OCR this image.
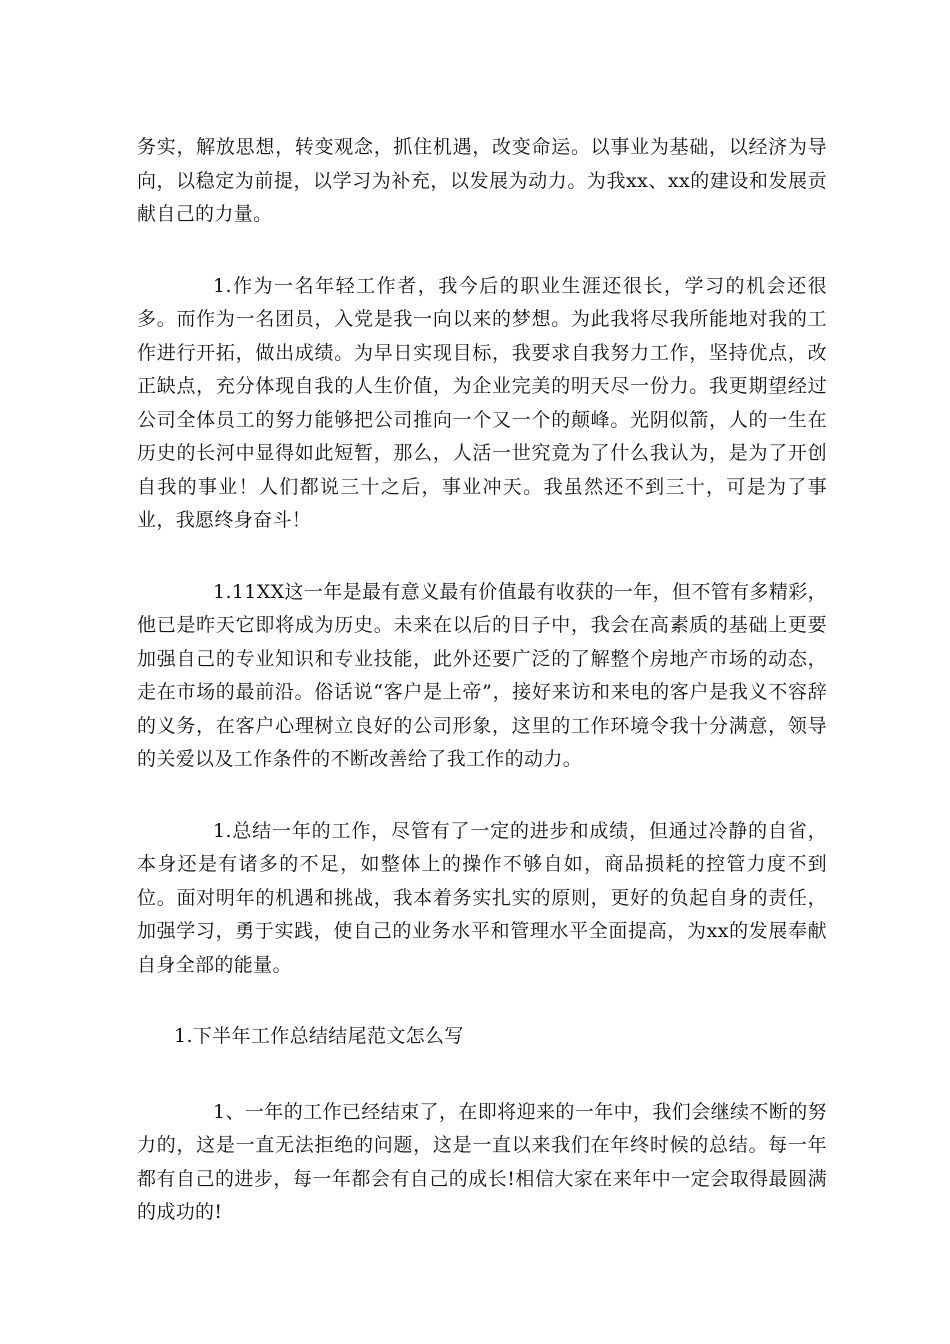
务实，解放思想，转变观念，抓住机遇，改变命运。以事业为基础，以经济为导向，以稳定为前提，以学习为补充，以发展为动力。为我xx、xx的建设和发展贡献自己的力量。

1.作为一名年轻工作者，我今后的职业生涯还很长，学习的机会还很多。而作为一名团员，入党是我一向以来的梦想。为此我将尽我所能地对我的工作进行开拓，做出成绩。为早日实现目标，我要求自我努力工作，坚持优点，改正缺点，充分体现自我的人生价值，为企业完美的明天尽一份力。我更期望经过公司全体员工的努力能够把公司推向一个又一个的颠峰。光阴似箭，人的一生在历史的长河中显得如此短暂，那么，人活一世究竟为了什么我认为，是为了开创自我的事业！人们都说三十之后，事业冲天。我虽然还不到三十，可是为了事业，我愿终身奋斗！

1.11XX这一年是最有意义最有价值最有收获的一年，但不管有多精彩，他已是昨天它即将成为历史。未来在以后的日子中，我会在高素质的基础上更要加强自己的专业知识和专业技能，此外还要广泛的了解整个房地产市场的动态，走在市场的最前沿。俗话说“客户是上帝”，接好来访和来电的客户是我义不容辞的义务，在客户心理树立良好的公司形象，这里的工作环境令我十分满意，领导的关爱以及工作条件的不断改善给了我工作的动力。

1.总结一年的工作，尽管有了一定的进步和成绩，但通过冷静的自省，本身还是有诸多的不足，如整体上的操作不够自如，商品损耗的控管力度不到位。面对明年的机遇和挑战，我本着务实扎实的原则，更好的负起自身的责任，加强学习，勇于实践，使自己的业务水平和管理水平全面提高，为xx的发展奉献自身全部的能量。

1.下半年工作总结结尾范文怎么写

1、一年的工作已经结束了，在即将迎来的一年中，我们会继续不断的努力的，这是一直无法拒绝的问题，这是一直以来我们在年终时候的总结。每一年都有自己的进步，每一年都会有自己的成长!相信大家在来年中一定会取得最圆满的成功的!
